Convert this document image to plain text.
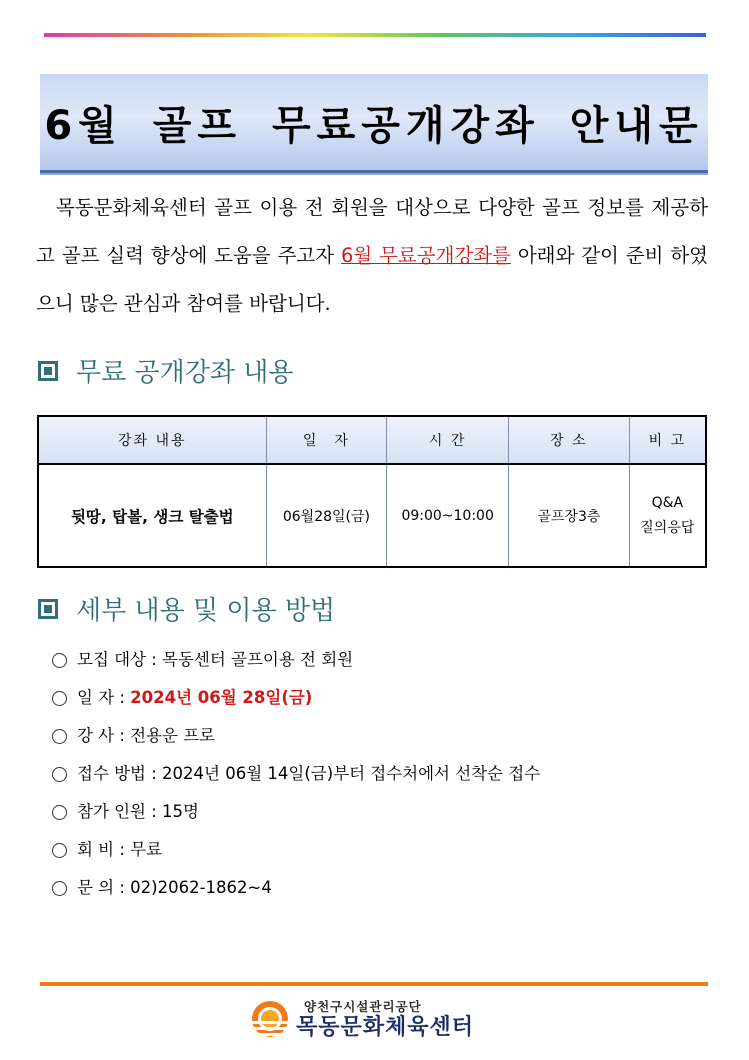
6월 골프 무료공개강좌 안내문
목동문화체육센터 골프 이용 전 회원을 대상으로 다양한 골프 정보를 제공하고 골프 실력 향상에 도움을 주고자 6월 무료공개강좌를 아래와 같이 준비 하였으니 많은 관심과 참여를 바랍니다.
무료 공개강좌 내용
강좌 내용	일　자	시 간	장 소	비 고
뒷땅, 탑볼, 생크 탈출법	06월28일(금)	09:00~10:00	골프장3층	Q&A
질의응답
세부 내용 및 이용 방법
모집 대상 : 목동센터 골프이용 전 회원
일 자 : 2024년 06월 28일(금)
강 사 : 전용운 프로
접수 방법 : 2024년 06월 14일(금)부터 접수처에서 선착순 접수
참가 인원 : 15명
회 비 : 무료
문 의 : 02)2062-1862~4
양천구시설관리공단
목동문화체육센터
